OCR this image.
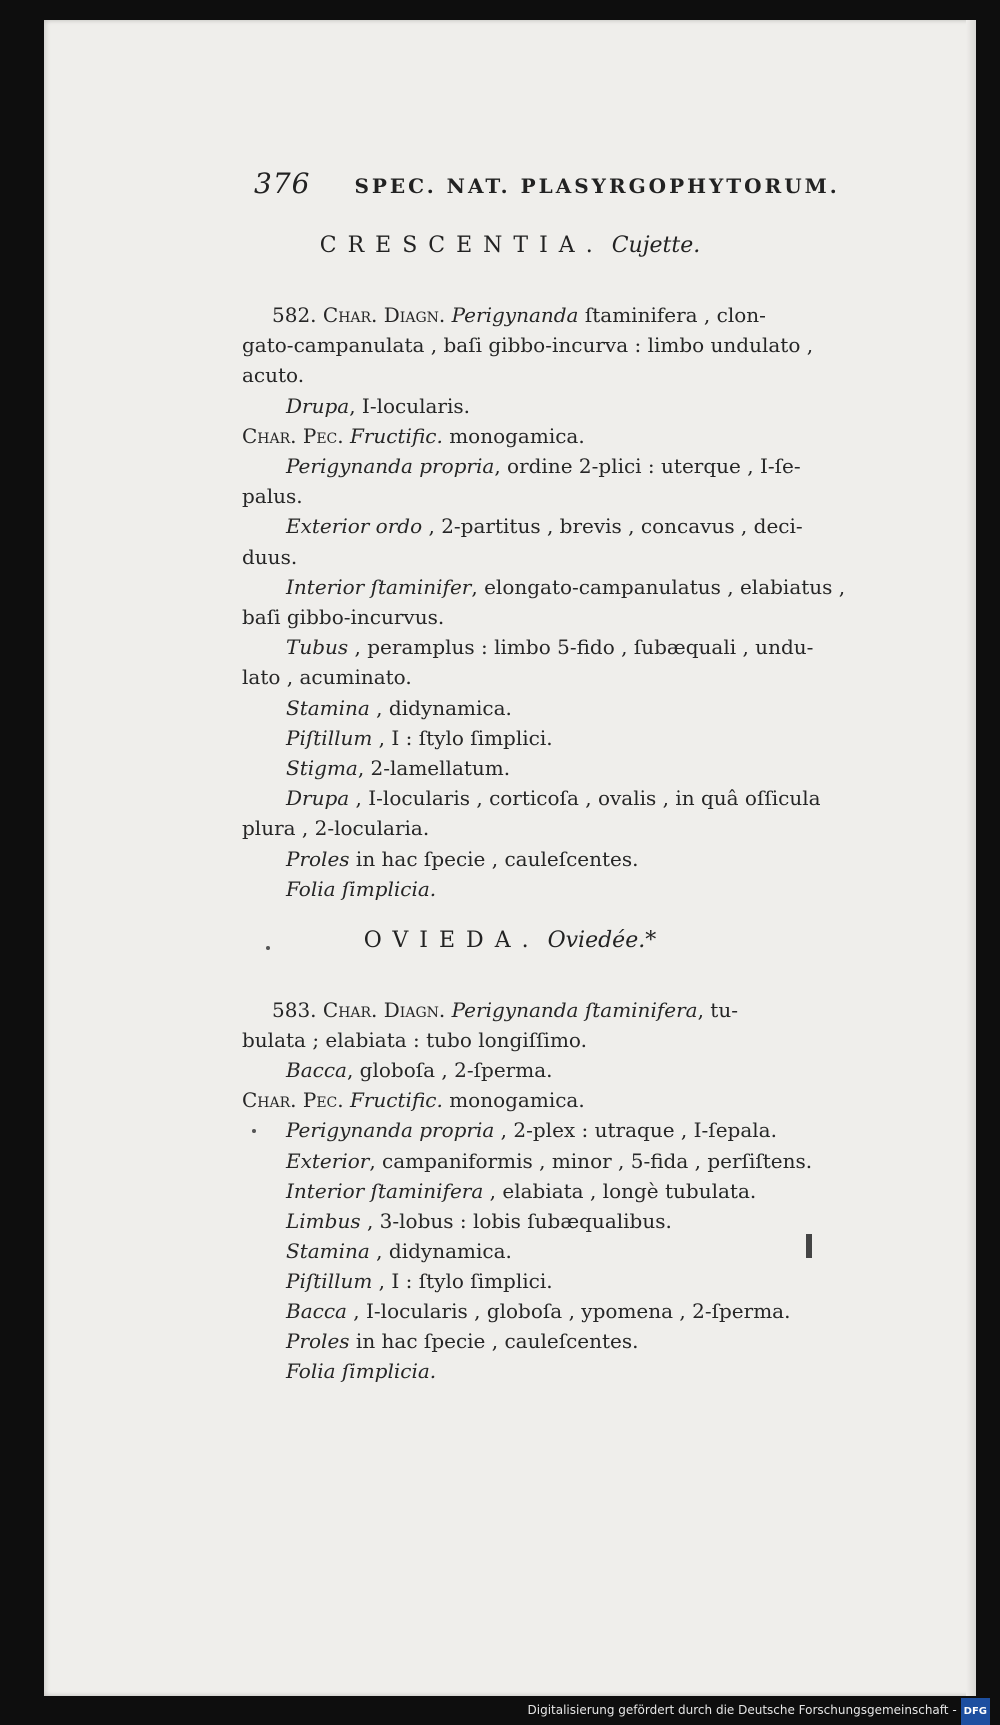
376 SPEC. NAT. PLASYRGOPHYTORUM.
CRESCENTIA. Cujette.
582. Char. Diagn. Perigynanda ſtaminifera , clon-
gato-campanulata , baſi gibbo-incurva : limbo undulato ,
acuto.
Drupa, I-locularis.
Char. Pec. Fructific. monogamica.
Perigynanda propria, ordine 2-plici : uterque , I-ſe-
palus.
Exterior ordo , 2-partitus , brevis , concavus , deci-
duus.
Interior ſtaminifer, elongato-campanulatus , elabiatus ,
baſi gibbo-incurvus.
Tubus , peramplus : limbo 5-fido , ſubæquali , undu-
lato , acuminato.
Stamina , didynamica.
Piſtillum , I : ſtylo ſimplici.
Stigma, 2-lamellatum.
Drupa , I-locularis , corticoſa , ovalis , in quâ oſſicula
plura , 2-locularia.
Proles in hac ſpecie , cauleſcentes.
Folia ſimplicia.
OVIEDA. Oviedée.*
583. Char. Diagn. Perigynanda ſtaminifera, tu-
bulata ; elabiata : tubo longiſſimo.
Bacca, globoſa , 2-ſperma.
Char. Pec. Fructific. monogamica.
Perigynanda propria , 2-plex : utraque , I-ſepala.
Exterior, campaniformis , minor , 5-fida , perſiſtens.
Interior ſtaminifera , elabiata , longè tubulata.
Limbus , 3-lobus : lobis ſubæqualibus.
Stamina , didynamica.
Piſtillum , I : ſtylo ſimplici.
Bacca , I-locularis , globoſa , ypomena , 2-ſperma.
Proles in hac ſpecie , cauleſcentes.
Folia ſimplicia.
Digitalisierung gefördert durch die Deutsche Forschungsgemeinschaft - DFG
